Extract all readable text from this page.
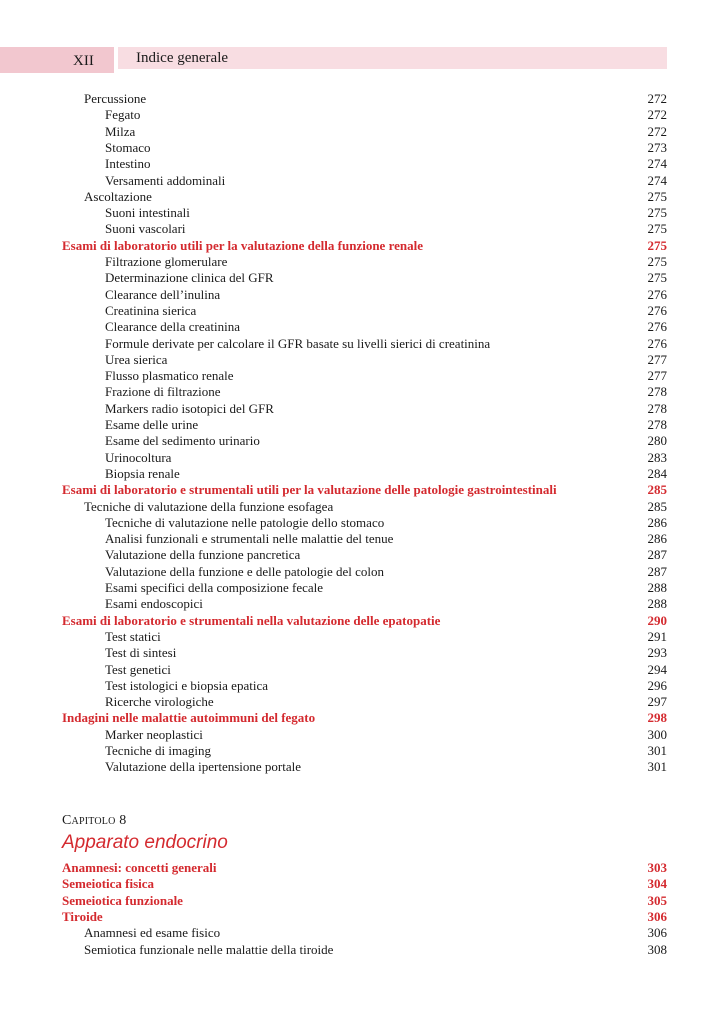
XII	Indice generale
Percussione	272
Fegato	272
Milza	272
Stomaco	273
Intestino	274
Versamenti addominali	274
Ascoltazione	275
Suoni intestinali	275
Suoni vascolari	275
Esami di laboratorio utili per la valutazione della funzione renale	275
Filtrazione glomerulare	275
Determinazione clinica del GFR	275
Clearance dell’inulina	276
Creatinina sierica	276
Clearance della creatinina	276
Formule derivate per calcolare il GFR basate su livelli sierici di creatinina	276
Urea sierica	277
Flusso plasmatico renale	277
Frazione di filtrazione	278
Markers radio isotopici del GFR	278
Esame delle urine	278
Esame del sedimento urinario	280
Urinocoltura	283
Biopsia renale	284
Esami di laboratorio e strumentali utili per la valutazione delle patologie gastrointestinali	285
Tecniche di valutazione della funzione esofagea	285
Tecniche di valutazione nelle patologie dello stomaco	286
Analisi funzionali e strumentali nelle malattie del tenue	286
Valutazione della funzione pancretica	287
Valutazione della funzione e delle patologie del colon	287
Esami specifici della composizione fecale	288
Esami endoscopici	288
Esami di laboratorio e strumentali nella valutazione delle epatopatie	290
Test statici	291
Test di sintesi	293
Test genetici	294
Test istologici e biopsia epatica	296
Ricerche virologiche	297
Indagini nelle malattie autoimmuni del fegato	298
Marker neoplastici	300
Tecniche di imaging	301
Valutazione della ipertensione portale	301
Anamnesi: concetti generali	303
Semeiotica fisica	304
Semeiotica funzionale	305
Tiroide	306
Anamnesi ed esame fisico	306
Semiotica funzionale nelle malattie della tiroide	308
Capitolo 8
Apparato endocrino
